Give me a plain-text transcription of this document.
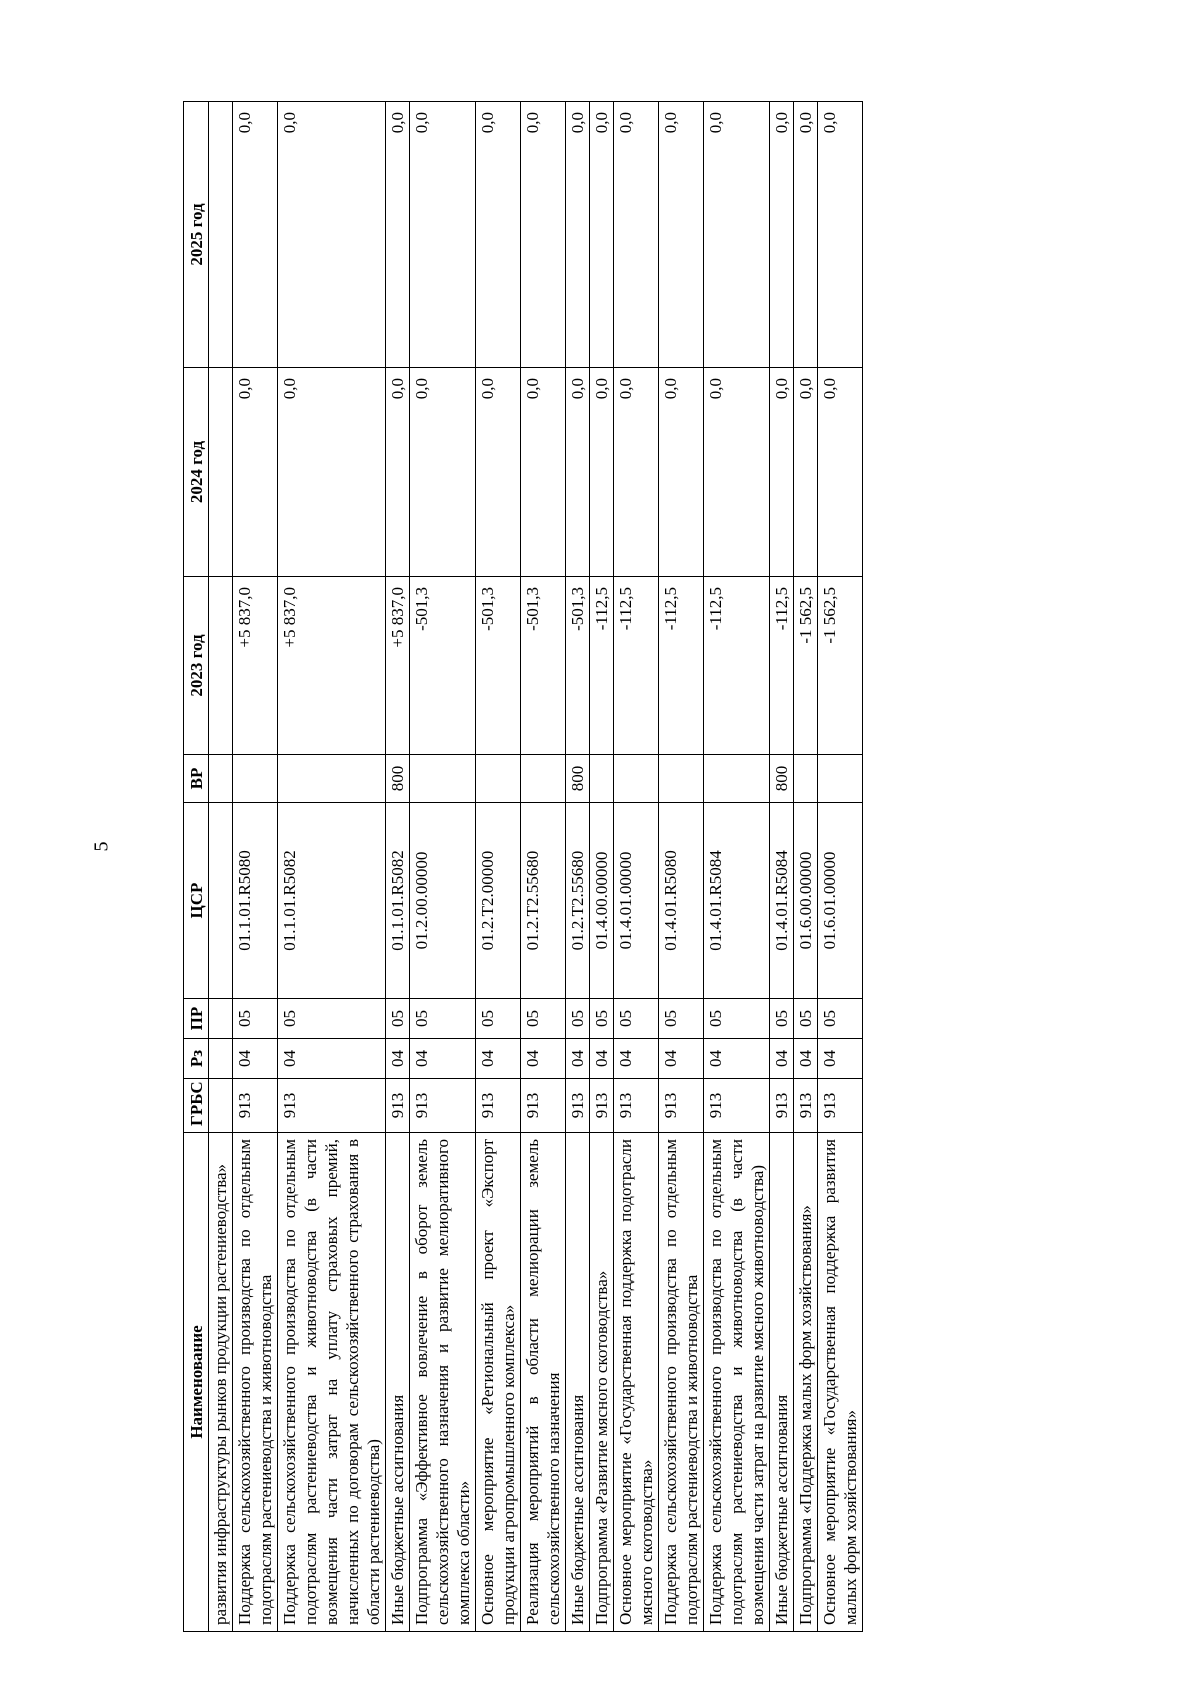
5
Наименование	ГРБС	Рз	ПР	ЦСР	ВР	2023 год	2024 год	2025 год
развития инфраструктуры рынков продукции растениеводства»								
Поддержка сельскохозяйственного производства по отдельным подотраслям растениеводства и животноводства	913	04	05	01.1.01.R5080		+5 837,0	0,0	0,0
Поддержка сельскохозяйственного производства по отдельным подотраслям растениеводства и животноводства (в части возмещения части затрат на уплату страховых премий, начисленных по договорам сельскохозяйственного страхования в области растениеводства)	913	04	05	01.1.01.R5082		+5 837,0	0,0	0,0
Иные бюджетные ассигнования	913	04	05	01.1.01.R5082	800	+5 837,0	0,0	0,0
Подпрограмма «Эффективное вовлечение в оборот земель сельскохозяйственного назначения и развитие мелиоративного комплекса области»	913	04	05	01.2.00.00000		-501,3	0,0	0,0
Основное мероприятие «Региональный проект «Экспорт продукции агропромышленного комплекса»	913	04	05	01.2.Т2.00000		-501,3	0,0	0,0
Реализация мероприятий в области мелиорации земель сельскохозяйственного назначения	913	04	05	01.2.Т2.55680		-501,3	0,0	0,0
Иные бюджетные ассигнования	913	04	05	01.2.Т2.55680	800	-501,3	0,0	0,0
Подпрограмма «Развитие мясного скотоводства»	913	04	05	01.4.00.00000		-112,5	0,0	0,0
Основное мероприятие «Государственная поддержка подотрасли мясного скотоводства»	913	04	05	01.4.01.00000		-112,5	0,0	0,0
Поддержка сельскохозяйственного производства по отдельным подотраслям растениеводства и животноводства	913	04	05	01.4.01.R5080		-112,5	0,0	0,0
Поддержка сельскохозяйственного производства по отдельным подотраслям растениеводства и животноводства (в части возмещения части затрат на развитие мясного животноводства)	913	04	05	01.4.01.R5084		-112,5	0,0	0,0
Иные бюджетные ассигнования	913	04	05	01.4.01.R5084	800	-112,5	0,0	0,0
Подпрограмма «Поддержка малых форм хозяйствования»	913	04	05	01.6.00.00000		-1 562,5	0,0	0,0
Основное мероприятие «Государственная поддержка развития малых форм хозяйствования»	913	04	05	01.6.01.00000		-1 562,5	0,0	0,0
